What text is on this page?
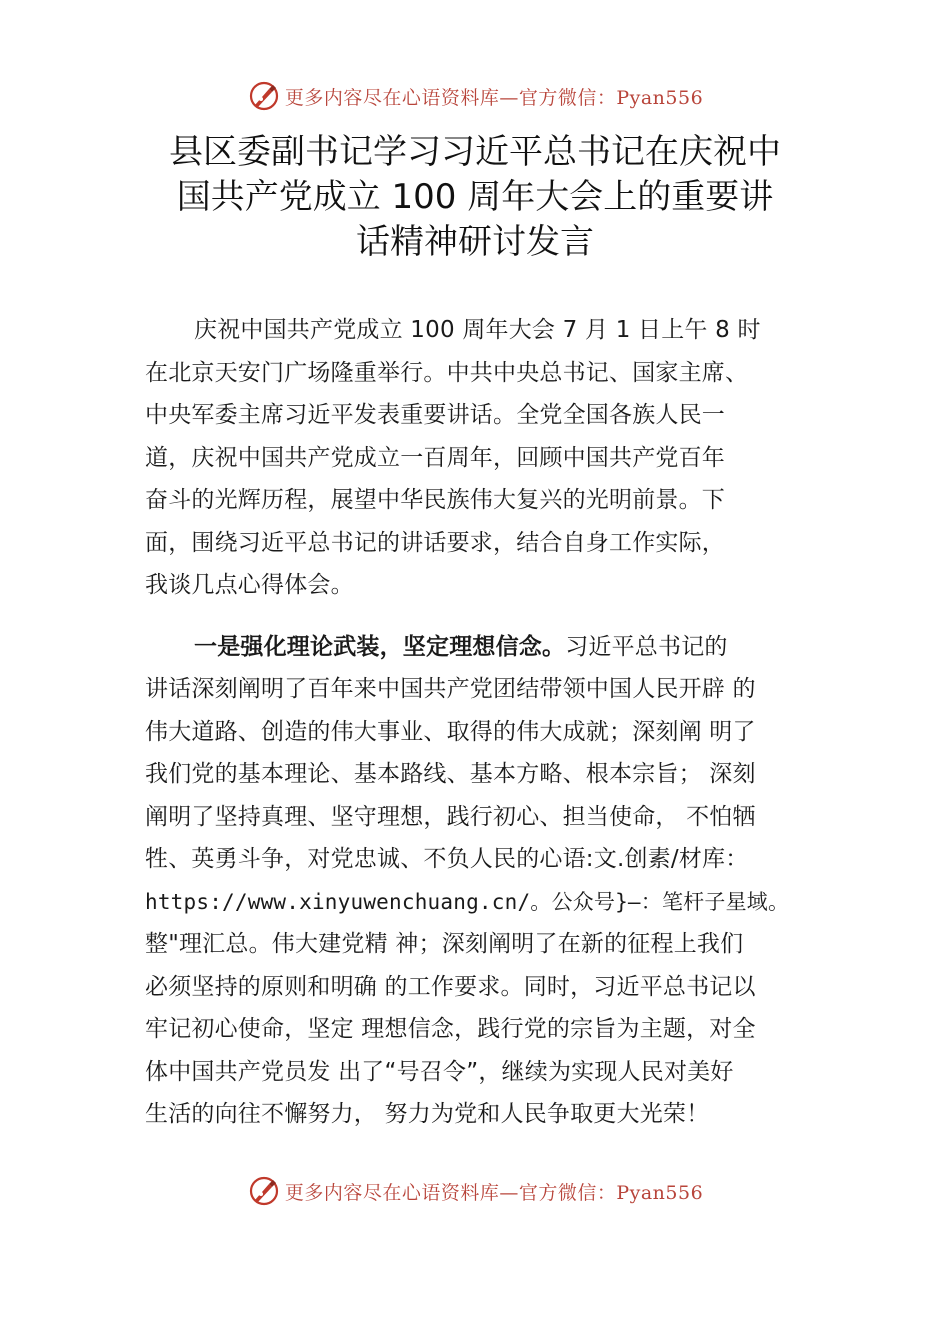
更多内容尽在心语资料库—官方微信：Pyan556
县区委副书记学习习近平总书记在庆祝中
国共产党成立 100 周年大会上的重要讲
话精神研讨发言
庆祝中国共产党成立 100 周年大会 7 月 1 日上午 8 时
在北京天安门广场隆重举行。中共中央总书记、国家主席、
中央军委主席习近平发表重要讲话。全党全国各族人民一
道，庆祝中国共产党成立一百周年，回顾中国共产党百年
奋斗的光辉历程，展望中华民族伟大复兴的光明前景。下
面，围绕习近平总书记的讲话要求，结合自身工作实际，
我谈几点心得体会。
一是强化理论武装，坚定理想信念。习近平总书记的
讲话深刻阐明了百年来中国共产党团结带领中国人民开辟 的
伟大道路、创造的伟大事业、取得的伟大成就；深刻阐 明了
我们党的基本理论、基本路线、基本方略、根本宗旨； 深刻
阐明了坚持真理、坚守理想，践行初心、担当使命， 不怕牺
牲、英勇斗争，对党忠诚、不负人民的心语:文.创素/材库：
https://www.xinyuwenchuang.cn/。公众号}—：笔杆子星域。
整"理汇总。伟大建党精 神；深刻阐明了在新的征程上我们
必须坚持的原则和明确 的工作要求。同时，习近平总书记以
牢记初心使命，坚定 理想信念，践行党的宗旨为主题，对全
体中国共产党员发 出了“号召令”，继续为实现人民对美好
生活的向往不懈努力， 努力为党和人民争取更大光荣！
更多内容尽在心语资料库—官方微信：Pyan556
